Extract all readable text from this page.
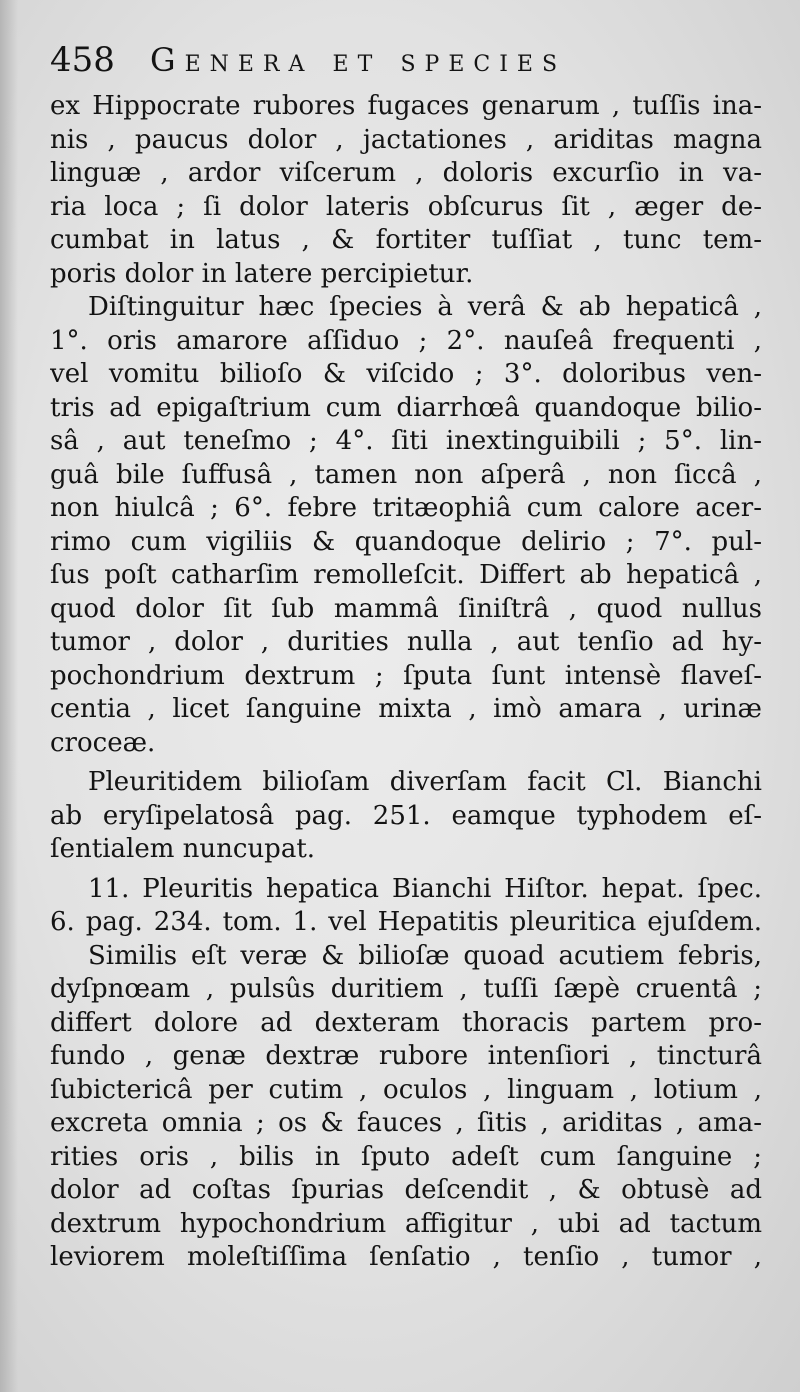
458 Genera et species
ex Hippocrate rubores fugaces genarum , tuſſis ina-
nis , paucus dolor , jactationes , ariditas magna
linguæ , ardor viſcerum , doloris excurſio in va-
ria loca ; ſi dolor lateris obſcurus ſit , æger de-
cumbat in latus , & fortiter tuſſiat , tunc tem-
poris dolor in latere percipietur.
Diſtinguitur hæc ſpecies à verâ & ab hepaticâ ,
1°. oris amarore aſſiduo ; 2°. nauſeâ frequenti ,
vel vomitu bilioſo & viſcido ; 3°. doloribus ven-
tris ad epigaſtrium cum diarrhœâ quandoque bilio-
sâ , aut teneſmo ; 4°. ſiti inextinguibili ; 5°. lin-
guâ bile ſuffusâ , tamen non aſperâ , non ſiccâ ,
non hiulcâ ; 6°. febre tritæophiâ cum calore acer-
rimo cum vigiliis & quandoque delirio ; 7°. pul-
ſus poſt catharſim remolleſcit. Differt ab hepaticâ ,
quod dolor ſit ſub mammâ ſiniſtrâ , quod nullus
tumor , dolor , durities nulla , aut tenſio ad hy-
pochondrium dextrum ; ſputa ſunt intensè flaveſ-
centia , licet ſanguine mixta , imò amara , urinæ
croceæ.
Pleuritidem bilioſam diverſam facit Cl. Bianchi
ab eryſipelatosâ pag. 251. eamque typhodem eſ-
ſentialem nuncupat.
11. Pleuritis hepatica Bianchi Hiſtor. hepat. ſpec.
6. pag. 234. tom. 1. vel Hepatitis pleuritica ejuſdem.
Similis eſt veræ & bilioſæ quoad acutiem febris,
dyſpnœam , pulsûs duritiem , tuſſi ſæpè cruentâ ;
differt dolore ad dexteram thoracis partem pro-
fundo , genæ dextræ rubore intenſiori , tincturâ
ſubictericâ per cutim , oculos , linguam , lotium ,
excreta omnia ; os & fauces , ſitis , ariditas , ama-
rities oris , bilis in ſputo adeſt cum ſanguine ;
dolor ad coſtas ſpurias deſcendit , & obtusè ad
dextrum hypochondrium affigitur , ubi ad tactum
leviorem moleſtiſſima ſenſatio , tenſio , tumor ,
